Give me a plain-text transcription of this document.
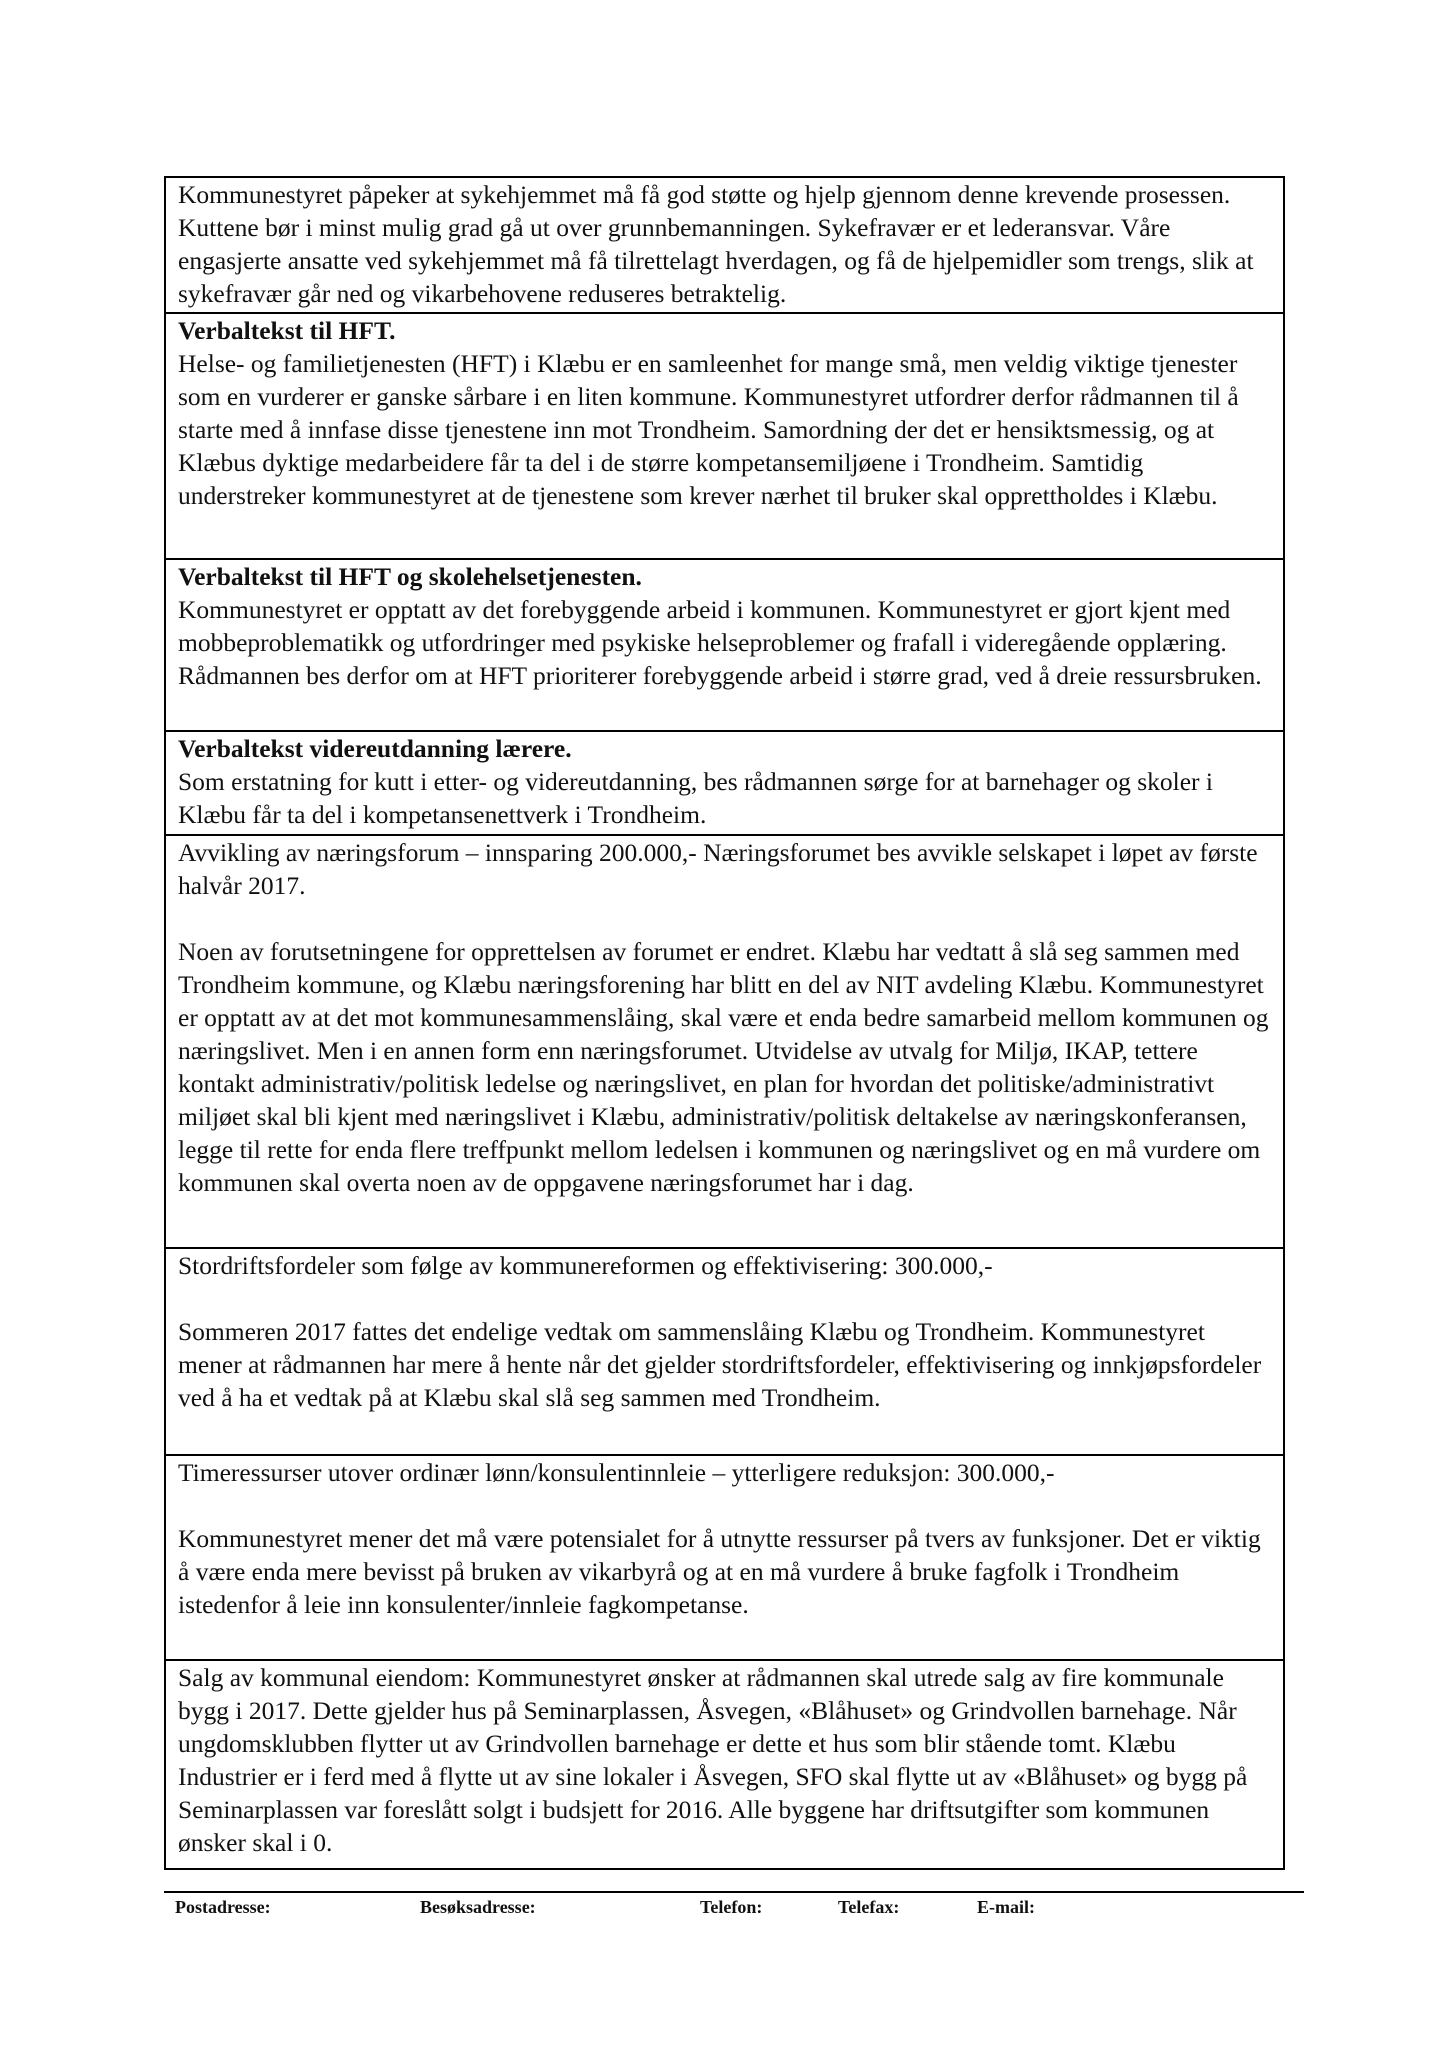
Kommunestyret påpeker at sykehjemmet må få god støtte og hjelp gjennom denne krevende prosessen. Kuttene bør i minst mulig grad gå ut over grunnbemanningen. Sykefravær er et lederansvar. Våre engasjerte ansatte ved sykehjemmet må få tilrettelagt hverdagen, og få de hjelpemidler som trengs, slik at sykefravær går ned og vikarbehovene reduseres betraktelig.

Verbaltekst til HFT.

Helse- og familietjenesten (HFT) i Klæbu er en samleenhet for mange små, men veldig viktige tjenester som en vurderer er ganske sårbare i en liten kommune. Kommunestyret utfordrer derfor rådmannen til å starte med å innfase disse tjenestene inn mot Trondheim. Samordning der det er hensiktsmessig, og at Klæbus dyktige medarbeidere får ta del i de større kompetansemiljøene i Trondheim. Samtidig understreker kommunestyret at de tjenestene som krever nærhet til bruker skal opprettholdes i Klæbu.

Verbaltekst til HFT og skolehelsetjenesten.

Kommunestyret er opptatt av det forebyggende arbeid i kommunen. Kommunestyret er gjort kjent med mobbeproblematikk og utfordringer med psykiske helseproblemer og frafall i videregående opplæring. Rådmannen bes derfor om at HFT prioriterer forebyggende arbeid i større grad, ved å dreie ressursbruken.

Verbaltekst videreutdanning lærere.

Som erstatning for kutt i etter- og videreutdanning, bes rådmannen sørge for at barnehager og skoler i Klæbu får ta del i kompetansenettverk i Trondheim.

Avvikling av næringsforum – innsparing 200.000,- Næringsforumet bes avvikle selskapet i løpet av første halvår 2017.

Noen av forutsetningene for opprettelsen av forumet er endret. Klæbu har vedtatt å slå seg sammen med Trondheim kommune, og Klæbu næringsforening har blitt en del av NIT avdeling Klæbu. Kommunestyret er opptatt av at det mot kommunesammenslåing, skal være et enda bedre samarbeid mellom kommunen og næringslivet. Men i en annen form enn næringsforumet. Utvidelse av utvalg for Miljø, IKAP, tettere kontakt administrativ/politisk ledelse og næringslivet, en plan for hvordan det politiske/administrativt miljøet skal bli kjent med næringslivet i Klæbu, administrativ/politisk deltakelse av næringskonferansen, legge til rette for enda flere treffpunkt mellom ledelsen i kommunen og næringslivet og en må vurdere om kommunen skal overta noen av de oppgavene næringsforumet har i dag.

Stordriftsfordeler som følge av kommunereformen og effektivisering: 300.000,-

Sommeren 2017 fattes det endelige vedtak om sammenslåing Klæbu og Trondheim. Kommunestyret mener at rådmannen har mere å hente når det gjelder stordriftsfordeler, effektivisering og innkjøpsfordeler ved å ha et vedtak på at Klæbu skal slå seg sammen med Trondheim.

Timeressurser utover ordinær lønn/konsulentinnleie – ytterligere reduksjon: 300.000,-

Kommunestyret mener det må være potensialet for å utnytte ressurser på tvers av funksjoner. Det er viktig å være enda mere bevisst på bruken av vikarbyrå og at en må vurdere å bruke fagfolk i Trondheim istedenfor å leie inn konsulenter/innleie fagkompetanse.

Salg av kommunal eiendom: Kommunestyret ønsker at rådmannen skal utrede salg av fire kommunale bygg i 2017. Dette gjelder hus på Seminarplassen, Åsvegen, «Blåhuset» og Grindvollen barnehage. Når ungdomsklubben flytter ut av Grindvollen barnehage er dette et hus som blir stående tomt. Klæbu Industrier er i ferd med å flytte ut av sine lokaler i Åsvegen, SFO skal flytte ut av «Blåhuset» og bygg på Seminarplassen var foreslått solgt i budsjett for 2016. Alle byggene har driftsutgifter som kommunen ønsker skal i 0.

Postadresse:	Besøksadresse:	Telefon:	Telefax:	E-mail:
